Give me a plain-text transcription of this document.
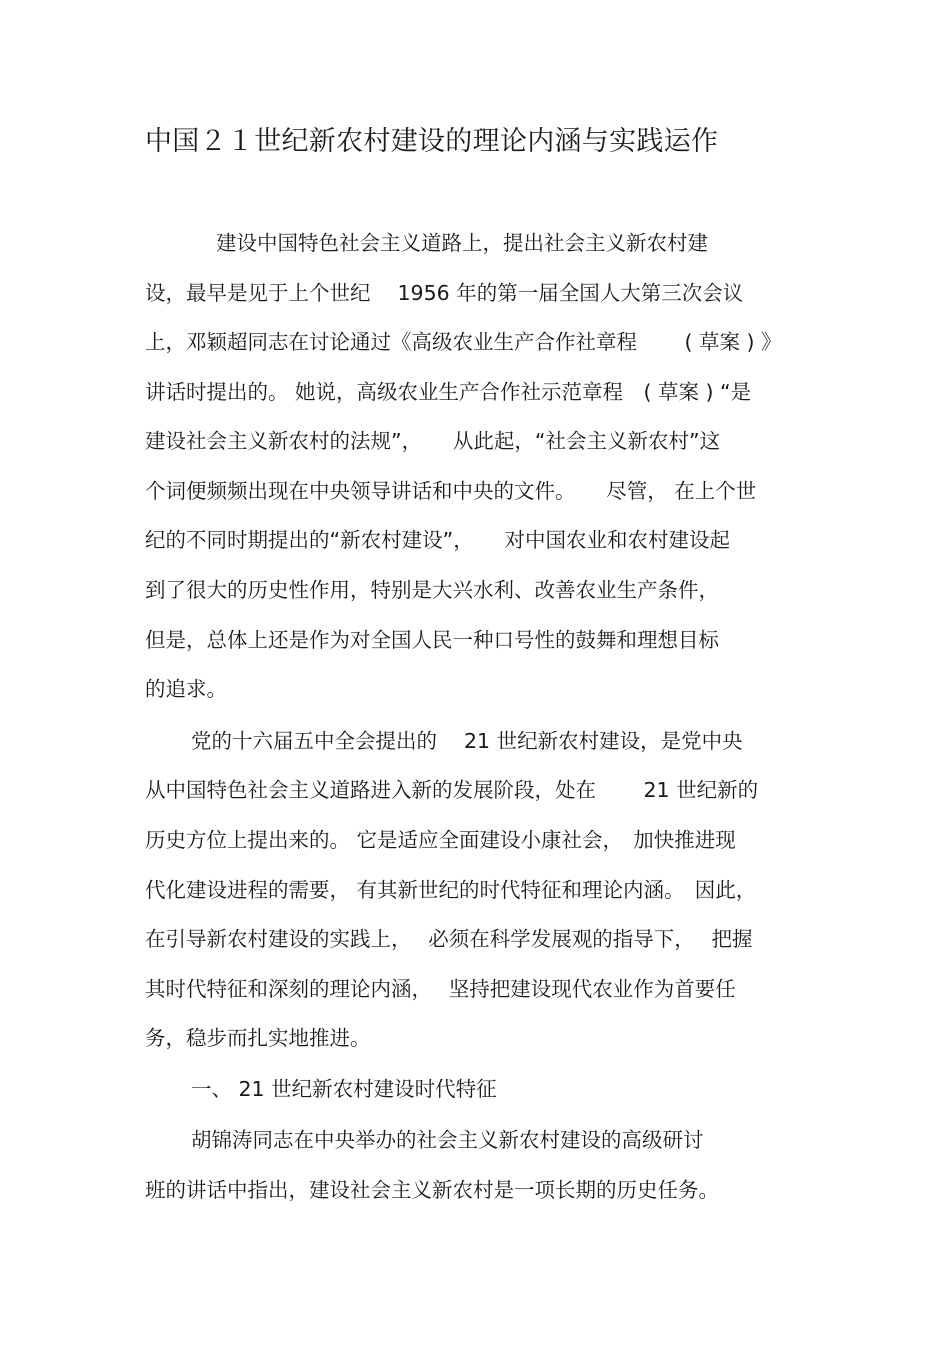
中国２１世纪新农村建设的理论内涵与实践运作
建设中国特色社会主义道路上，提出社会主义新农村建
设，最早是见于上个世纪　 1956 年的第一届全国人大第三次会议
上，邓颖超同志在讨论通过《高级农业生产合作社章程　　 ( 草案 ) 》
讲话时提出的。 她说，高级农业生产合作社示范章程　( 草案 ) “是
建设社会主义新农村的法规”，　　从此起，“社会主义新农村”这
个词便频频出现在中央领导讲话和中央的文件。　　尽管， 在上个世
纪的不同时期提出的“新农村建设”，　　对中国农业和农村建设起
到了很大的历史性作用，特别是大兴水利、改善农业生产条件，
但是，总体上还是作为对全国人民一种口号性的鼓舞和理想目标
的追求。
党的十六届五中全会提出的　 21 世纪新农村建设，是党中央
从中国特色社会主义道路进入新的发展阶段，处在　　 21 世纪新的
历史方位上提出来的。 它是适应全面建设小康社会，　加快推进现
代化建设进程的需要， 有其新世纪的时代特征和理论内涵。　因此，
在引导新农村建设的实践上，　 必须在科学发展观的指导下，　 把握
其时代特征和深刻的理论内涵，　 坚持把建设现代农业作为首要任
务，稳步而扎实地推进。
一、 21 世纪新农村建设时代特征
胡锦涛同志在中央举办的社会主义新农村建设的高级研讨
班的讲话中指出，建设社会主义新农村是一项长期的历史任务。
